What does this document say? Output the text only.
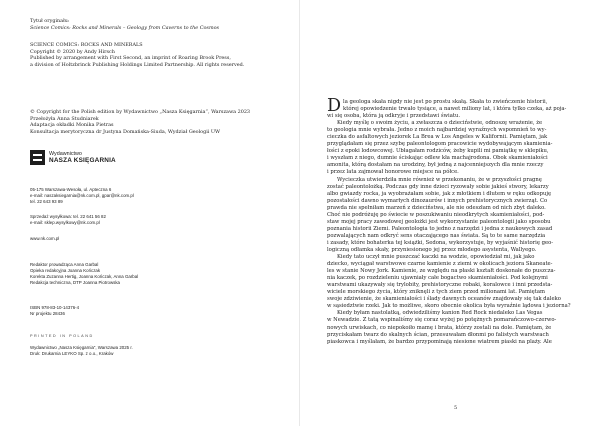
Tytuł oryginału:
Science Comics: Rocks and Minerals – Geology from Caverns to the Cosmos
SCIENCE COMICS: ROCKS AND MINERALS
Copyright © 2020 by Andy Hirsch
Published by arrangement with First Second, an imprint of Roaring Brook Press,
a division of Holtzbrinck Publishing Holdings Limited Partnership. All rights reserved.
© Copyright for the Polish edition by Wydawnictwo „Nasza Księgarnia”, Warszawa 2023
Przełożyła Anna Studniarek
Adaptacja okładki Monika Pietras
Konsultacja merytoryczna dr Justyna Domańska-Siuda, Wydział Geologii UW
Wydawnictwo
NASZA KSIĘGARNIA
05-175 Warszawa-Wesoła, ul. Apteczna 6
e-mail: naszaksiegarnia@nk.com.pl, gpar@nk.com.pl
tel. 22 643 93 89
Sprzedaż wysyłkowa: tel. 22 641 56 82
e-mail: sklep.wysylkowy@nk.com.pl
www.nk.com.pl
Redaktor prowadząca Anna Garbal
Opieka redakcyjna Joanna Kończak
Korekta Zuzanna Hertig, Joanna Kończak, Anna Garbal
Redakcja techniczna, DTP Joanna Piotrowska
ISBN 978-83-10-14376-4
Nr projektu 28436
PRINTED IN POLAND
Wydawnictwo „Nasza Księgarnia”, Warszawa 2025 r.
Druk: Drukarnia LEYKO Sp. z o.o., Kraków
D la geologa skała nigdy nie jest po prostu skałą. Skała to zwieńczenie historii,
której opowiedzenie trwało tysiące, a nawet miliony lat, i która tylko czeka, aż poja-
wi się osoba, która ją odkryje i przedstawi światu.
Kiedy myślę o swoim życiu, a zwłaszcza o dzieciństwie, odnoszę wrażenie, że
to geologia mnie wybrała. Jedno z moich najbardziej wyraźnych wspomnień to wy-
cieczka do asfaltowych jeziorek La Brea w Los Angeles w Kalifornii. Pamiętam, jak
przyglądałam się przez szybę paleontologom pracowicie wydobywającym skamienia-
łości z epoki lodowcowej. Ubłagałam rodziców, żeby kupili mi pamiątkę w sklepiku,
i wyszłam z niego, dumnie ściskając odlew kła machajrodona. Obok skamieniałości
amonita, którą dostałam na urodziny, był jedną z najcenniejszych dla mnie rzeczy
i przez lata zajmował honorowe miejsce na półce.
Wycieczka utwierdziła mnie również w przekonaniu, że w przyszłości pragnę
zostać paleontolożką. Podczas gdy inne dzieci ryzowały sobie jakieś stwory, lekarzy
albo gwiazdy rocka, ja wyobrażałam sobie, jak z młotkiem i dłutem w ręku odkopuję
pozostałości dawno wymarłych dinozaurów i innych prehistorycznych zwierząt. Co
prawda nie spełniłam marzeń z dzieciństwa, ale nie odeszłam od nich zbyt daleko.
Choć nie podróżuję po świecie w poszukiwaniu nieodkrytych skamieniałości, pod-
staw mojej pracy zawodowej geolożki jest wykorzystanie paleontologii jako sposobu
poznania historii Ziemi. Paleontologia to jedno z narzędzi i jedna z naukowych zasad
pozwalających nam odkryć sens otaczającego nas świata. Są to te same narzędzia
i zasady, które bohaterka tej książki, Sedona, wykorzystuje, by wyjaśnić historię geo-
logiczną odłamka skały, przyniesionego jej przez młodego asystenta, Wallyego.
Kiedy tato uczył mnie puszczać kaczki na wodzie, opowiedział mi, jak jako
dziecko, wyciągał warstwowe czarne kamienie z ziemi w okolicach jeziora Skaneate-
les w stanie Nowy Jork. Kamienie, ze względu na płaski kształt doskonałe do puszcza-
nia kaczek, po rozdzieleniu ujawniały całe bogactwo skamieniałości. Pod kolejnymi
warstwami ukazywały się trylobity, prehistoryczne robaki, koralowce i inni przedsta-
wiciele morskiego życia, który zniknęli z tych ziem przed milionami lat. Pamiętam
swoje zdziwienie, że skamieniałości i ślady dawnych oceanów znajdowały się tak daleko
w sąsiedztwie rzeki. Jak to możliwe, skoro obecnie okolica była wyraźnie lądowa i jeziorna?
Kiedy byłam nastolatką, odwiedziliśmy kanion Red Rock niedaleko Las Vegas
w Newadzie. Z tatą wspinaliśmy się coraz wyżej po potężnych pomarańczowo-czerwo-
nowych urwiskach, co niepokoiło mamę i brata, którzy zostali na dole. Pamiętam, że
przyciskałam twarz do skalnych ścian, przesuwałam dłonmi po falistych warstwach
piaskowca i myślałam, że bardzo przypominają niesione wiatrem piaski na plaży. Ale
5
